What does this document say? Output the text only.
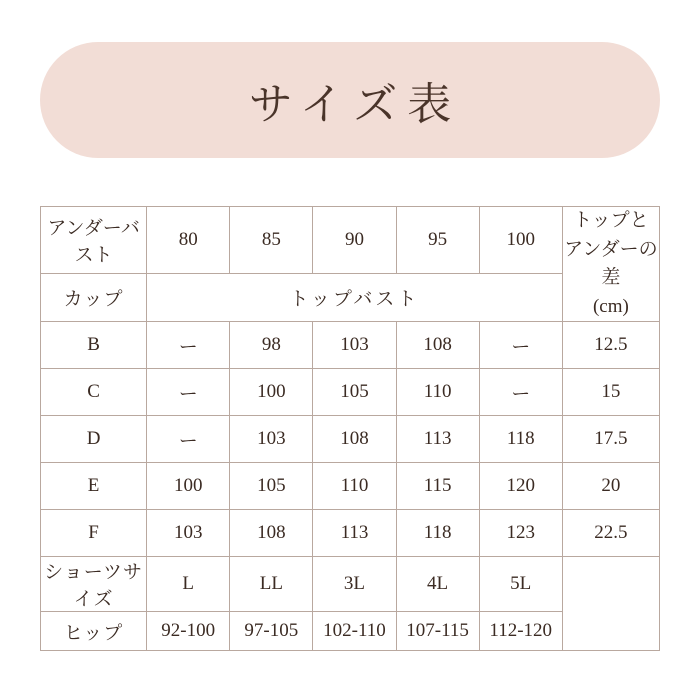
サイズ表
アンダーバスト	80	85	90	95	100	トップと
アンダーの差
(cm)

カップ	トップバスト					
B	ー	98	103	108	ー	12.5
C	ー	100	105	110	ー	15
D	ー	103	108	113	118	17.5
E	100	105	110	115	120	20
F	103	108	113	118	123	22.5
ショーツサイズ	L	LL	3L	4L	5L	
ヒップ	92-100	97-105	102-110	107-115	112-120	
